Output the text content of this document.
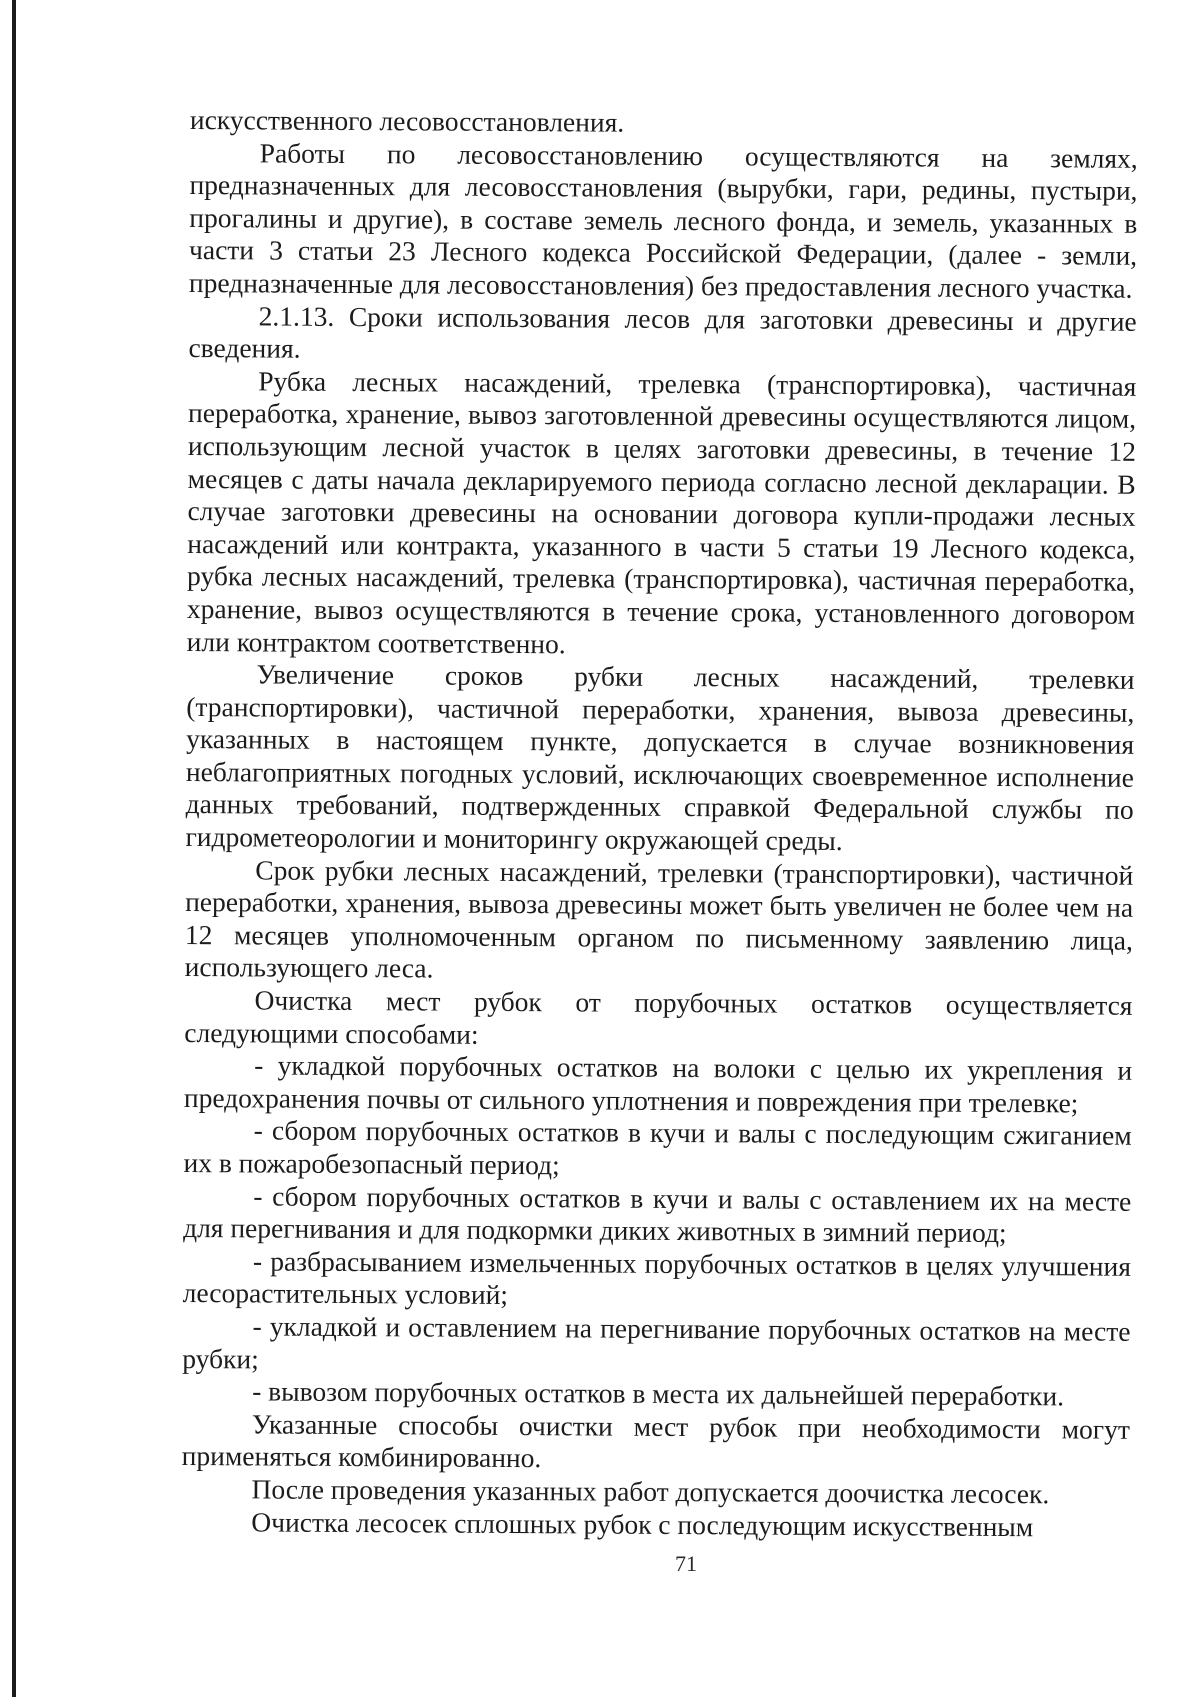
искусственного лесовосстановления.

Работы по лесовосстановлению осуществляются на землях, предназначенных для лесовосстановления (вырубки, гари, редины, пустыри, прогалины и другие), в составе земель лесного фонда, и земель, указанных в части 3 статьи 23 Лесного кодекса Российской Федерации, (далее - земли, предназначенные для лесовосстановления) без предоставления лесного участка.

2.1.13. Сроки использования лесов для заготовки древесины и другие сведения.

Рубка лесных насаждений, трелевка (транспортировка), частичная переработка, хранение, вывоз заготовленной древесины осуществляются лицом, использующим лесной участок в целях заготовки древесины, в течение 12 месяцев с даты начала декларируемого периода согласно лесной декларации. В случае заготовки древесины на основании договора купли-продажи лесных насаждений или контракта, указанного в части 5 статьи 19 Лесного кодекса, рубка лесных насаждений, трелевка (транспортировка), частичная переработка, хранение, вывоз осуществляются в течение срока, установленного договором или контрактом соответственно.

Увеличение сроков рубки лесных насаждений, трелевки (транспортировки), частичной переработки, хранения, вывоза древесины, указанных в настоящем пункте, допускается в случае возникновения неблагоприятных погодных условий, исключающих своевременное исполнение данных требований, подтвержденных справкой Федеральной службы по гидрометеорологии и мониторингу окружающей среды.

Срок рубки лесных насаждений, трелевки (транспортировки), частичной переработки, хранения, вывоза древесины может быть увеличен не более чем на 12 месяцев уполномоченным органом по письменному заявлению лица, использующего леса.

Очистка мест рубок от порубочных остатков осуществляется следующими способами:

- укладкой порубочных остатков на волоки с целью их укрепления и предохранения почвы от сильного уплотнения и повреждения при трелевке;

- сбором порубочных остатков в кучи и валы с последующим сжиганием их в пожаробезопасный период;

- сбором порубочных остатков в кучи и валы с оставлением их на месте для перегнивания и для подкормки диких животных в зимний период;

- разбрасыванием измельченных порубочных остатков в целях улучшения лесорастительных условий;

- укладкой и оставлением на перегнивание порубочных остатков на месте рубки;

- вывозом порубочных остатков в места их дальнейшей переработки.

Указанные способы очистки мест рубок при необходимости могут применяться комбинированно.

После проведения указанных работ допускается доочистка лесосек.

Очистка лесосек сплошных рубок с последующим искусственным

71
